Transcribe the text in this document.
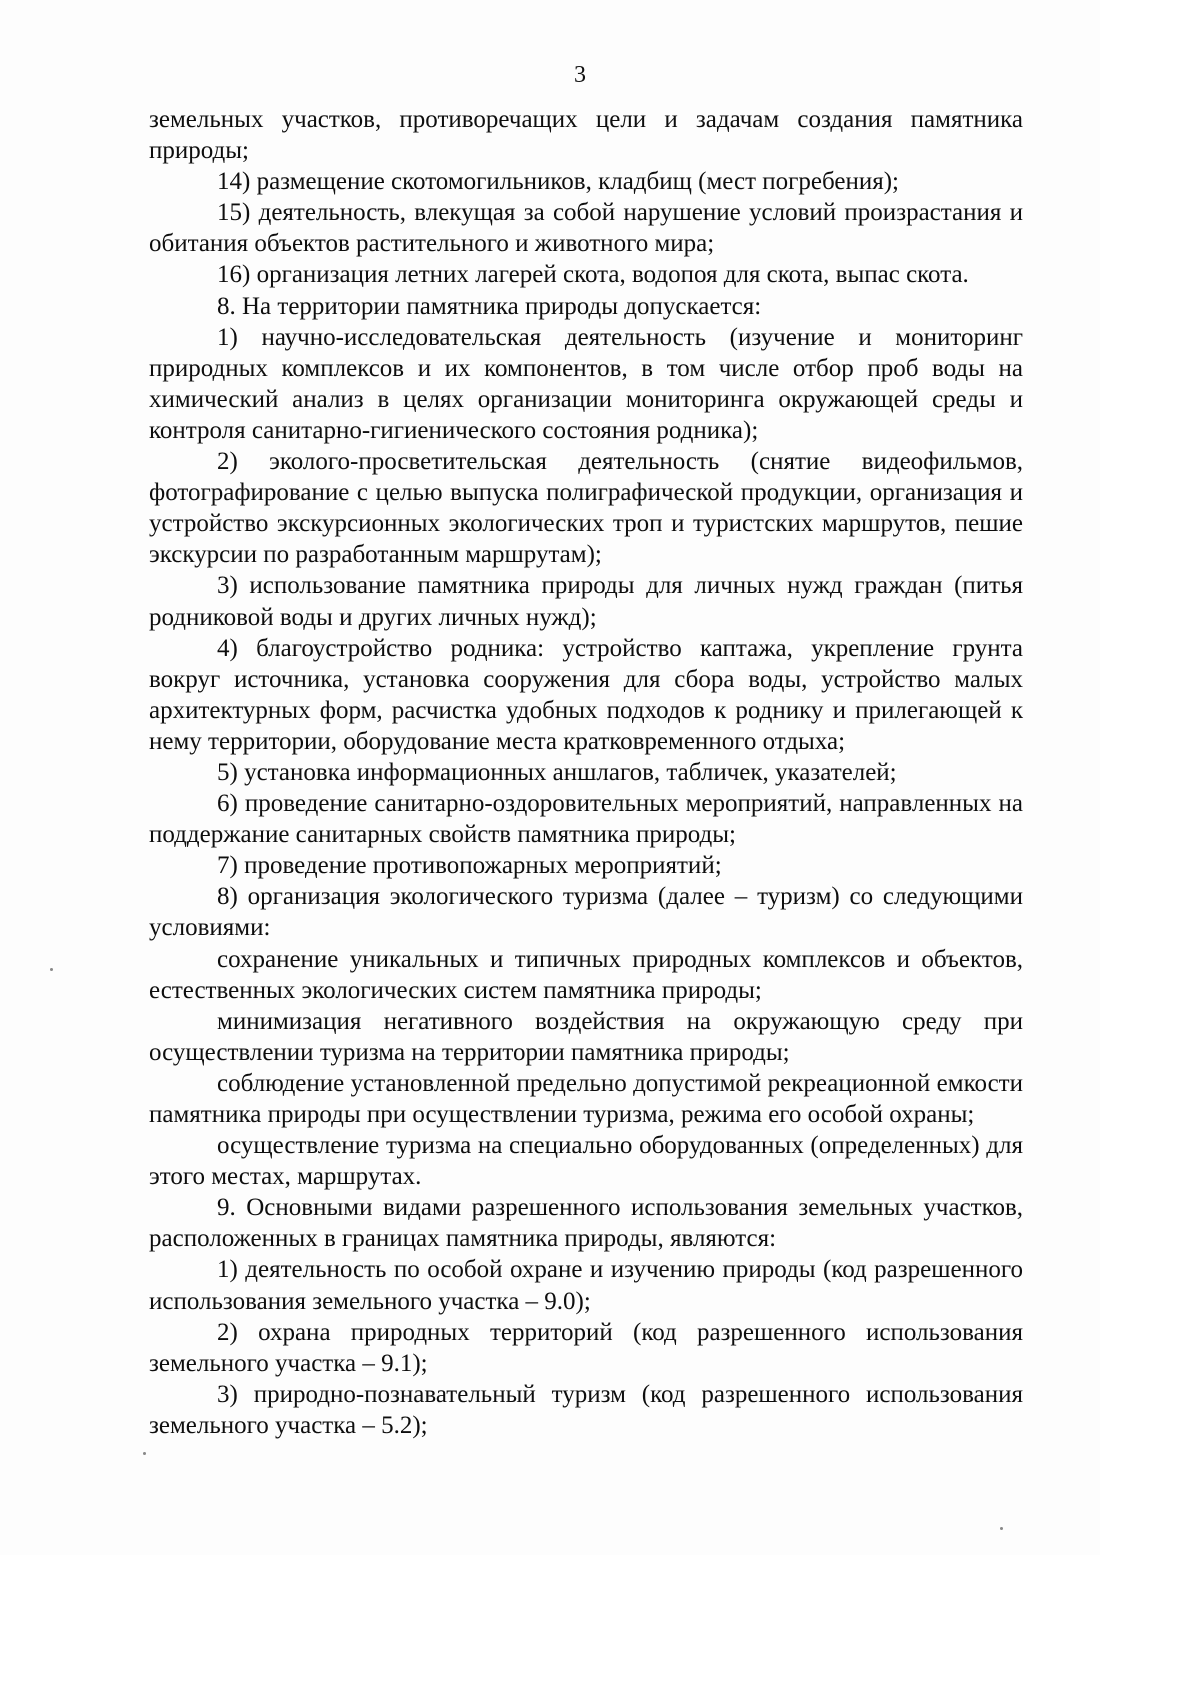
3

земельных участков, противоречащих цели и задачам создания памятника природы;

14) размещение скотомогильников, кладбищ (мест погребения);

15) деятельность, влекущая за собой нарушение условий произрастания и обитания объектов растительного и животного мира;

16) организация летних лагерей скота, водопоя для скота, выпас скота.

8. На территории памятника природы допускается:

1) научно-исследовательская деятельность (изучение и мониторинг природных комплексов и их компонентов, в том числе отбор проб воды на химический анализ в целях организации мониторинга окружающей среды и контроля санитарно-гигиенического состояния родника);

2) эколого-просветительская деятельность (снятие видеофильмов, фотографирование с целью выпуска полиграфической продукции, организация и устройство экскурсионных экологических троп и туристских маршрутов, пешие экскурсии по разработанным маршрутам);

3) использование памятника природы для личных нужд граждан (питья родниковой воды и других личных нужд);

4) благоустройство родника: устройство каптажа, укрепление грунта вокруг источника, установка сооружения для сбора воды, устройство малых архитектурных форм, расчистка удобных подходов к роднику и прилегающей к нему территории, оборудование места кратковременного отдыха;

5) установка информационных аншлагов, табличек, указателей;

6) проведение санитарно-оздоровительных мероприятий, направленных на поддержание санитарных свойств памятника природы;

7) проведение противопожарных мероприятий;

8) организация экологического туризма (далее – туризм) со следующими условиями:

сохранение уникальных и типичных природных комплексов и объектов, естественных экологических систем памятника природы;

минимизация негативного воздействия на окружающую среду при осуществлении туризма на территории памятника природы;

соблюдение установленной предельно допустимой рекреационной емкости памятника природы при осуществлении туризма, режима его особой охраны;

осуществление туризма на специально оборудованных (определенных) для этого местах, маршрутах.

9. Основными видами разрешенного использования земельных участков, расположенных в границах памятника природы, являются:

1) деятельность по особой охране и изучению природы (код разрешенного использования земельного участка – 9.0);

2) охрана природных территорий (код разрешенного использования земельного участка – 9.1);

3) природно-познавательный туризм (код разрешенного использования земельного участка – 5.2);
